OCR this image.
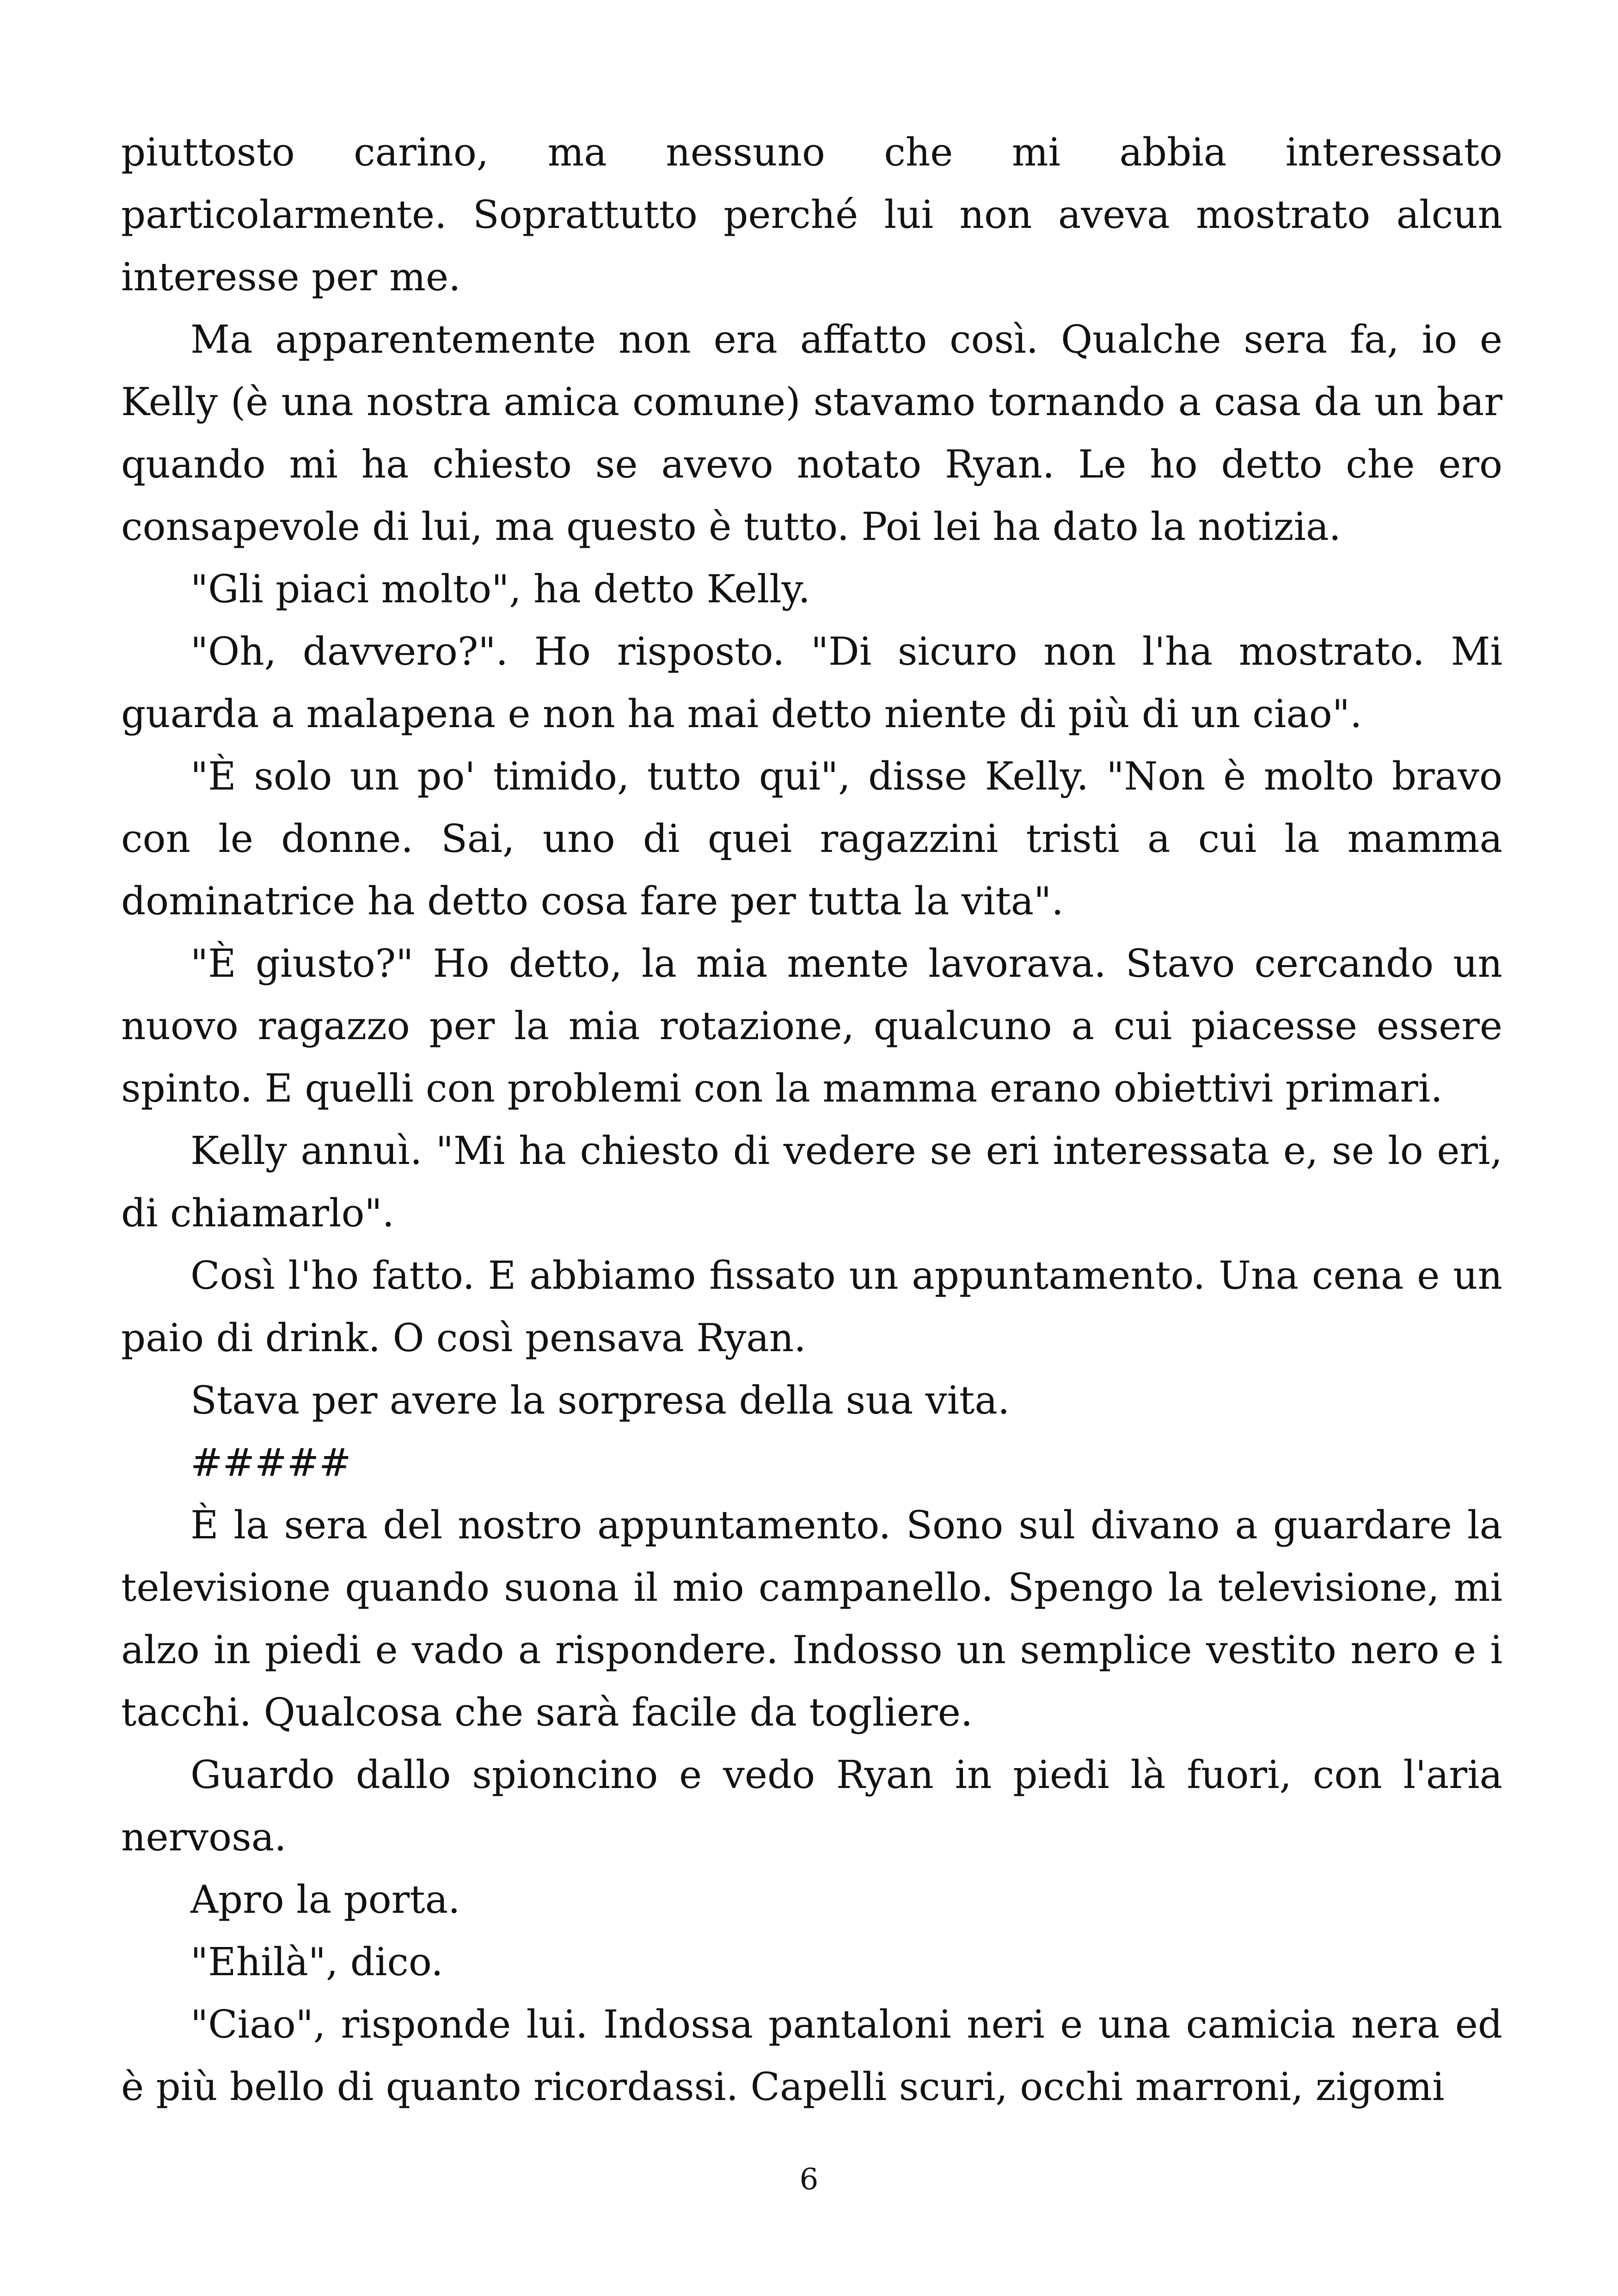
piuttosto carino, ma nessuno che mi abbia interessato particolarmente. Soprattutto perché lui non aveva mostrato alcun interesse per me.

Ma apparentemente non era affatto così. Qualche sera fa, io e Kelly (è una nostra amica comune) stavamo tornando a casa da un bar quando mi ha chiesto se avevo notato Ryan. Le ho detto che ero consapevole di lui, ma questo è tutto. Poi lei ha dato la notizia.

"Gli piaci molto", ha detto Kelly.

"Oh, davvero?". Ho risposto. "Di sicuro non l'ha mostrato. Mi guarda a malapena e non ha mai detto niente di più di un ciao".

"È solo un po' timido, tutto qui", disse Kelly. "Non è molto bravo con le donne. Sai, uno di quei ragazzini tristi a cui la mamma dominatrice ha detto cosa fare per tutta la vita".

"È giusto?" Ho detto, la mia mente lavorava. Stavo cercando un nuovo ragazzo per la mia rotazione, qualcuno a cui piacesse essere spinto. E quelli con problemi con la mamma erano obiettivi primari.

Kelly annuì. "Mi ha chiesto di vedere se eri interessata e, se lo eri, di chiamarlo".

Così l'ho fatto. E abbiamo fissato un appuntamento. Una cena e un paio di drink. O così pensava Ryan.

Stava per avere la sorpresa della sua vita.

#####

È la sera del nostro appuntamento. Sono sul divano a guardare la televisione quando suona il mio campanello. Spengo la televisione, mi alzo in piedi e vado a rispondere. Indosso un semplice vestito nero e i tacchi. Qualcosa che sarà facile da togliere.

Guardo dallo spioncino e vedo Ryan in piedi là fuori, con l'aria nervosa.

Apro la porta.

"Ehilà", dico.

"Ciao", risponde lui. Indossa pantaloni neri e una camicia nera ed è più bello di quanto ricordassi. Capelli scuri, occhi marroni, zigomi

6
